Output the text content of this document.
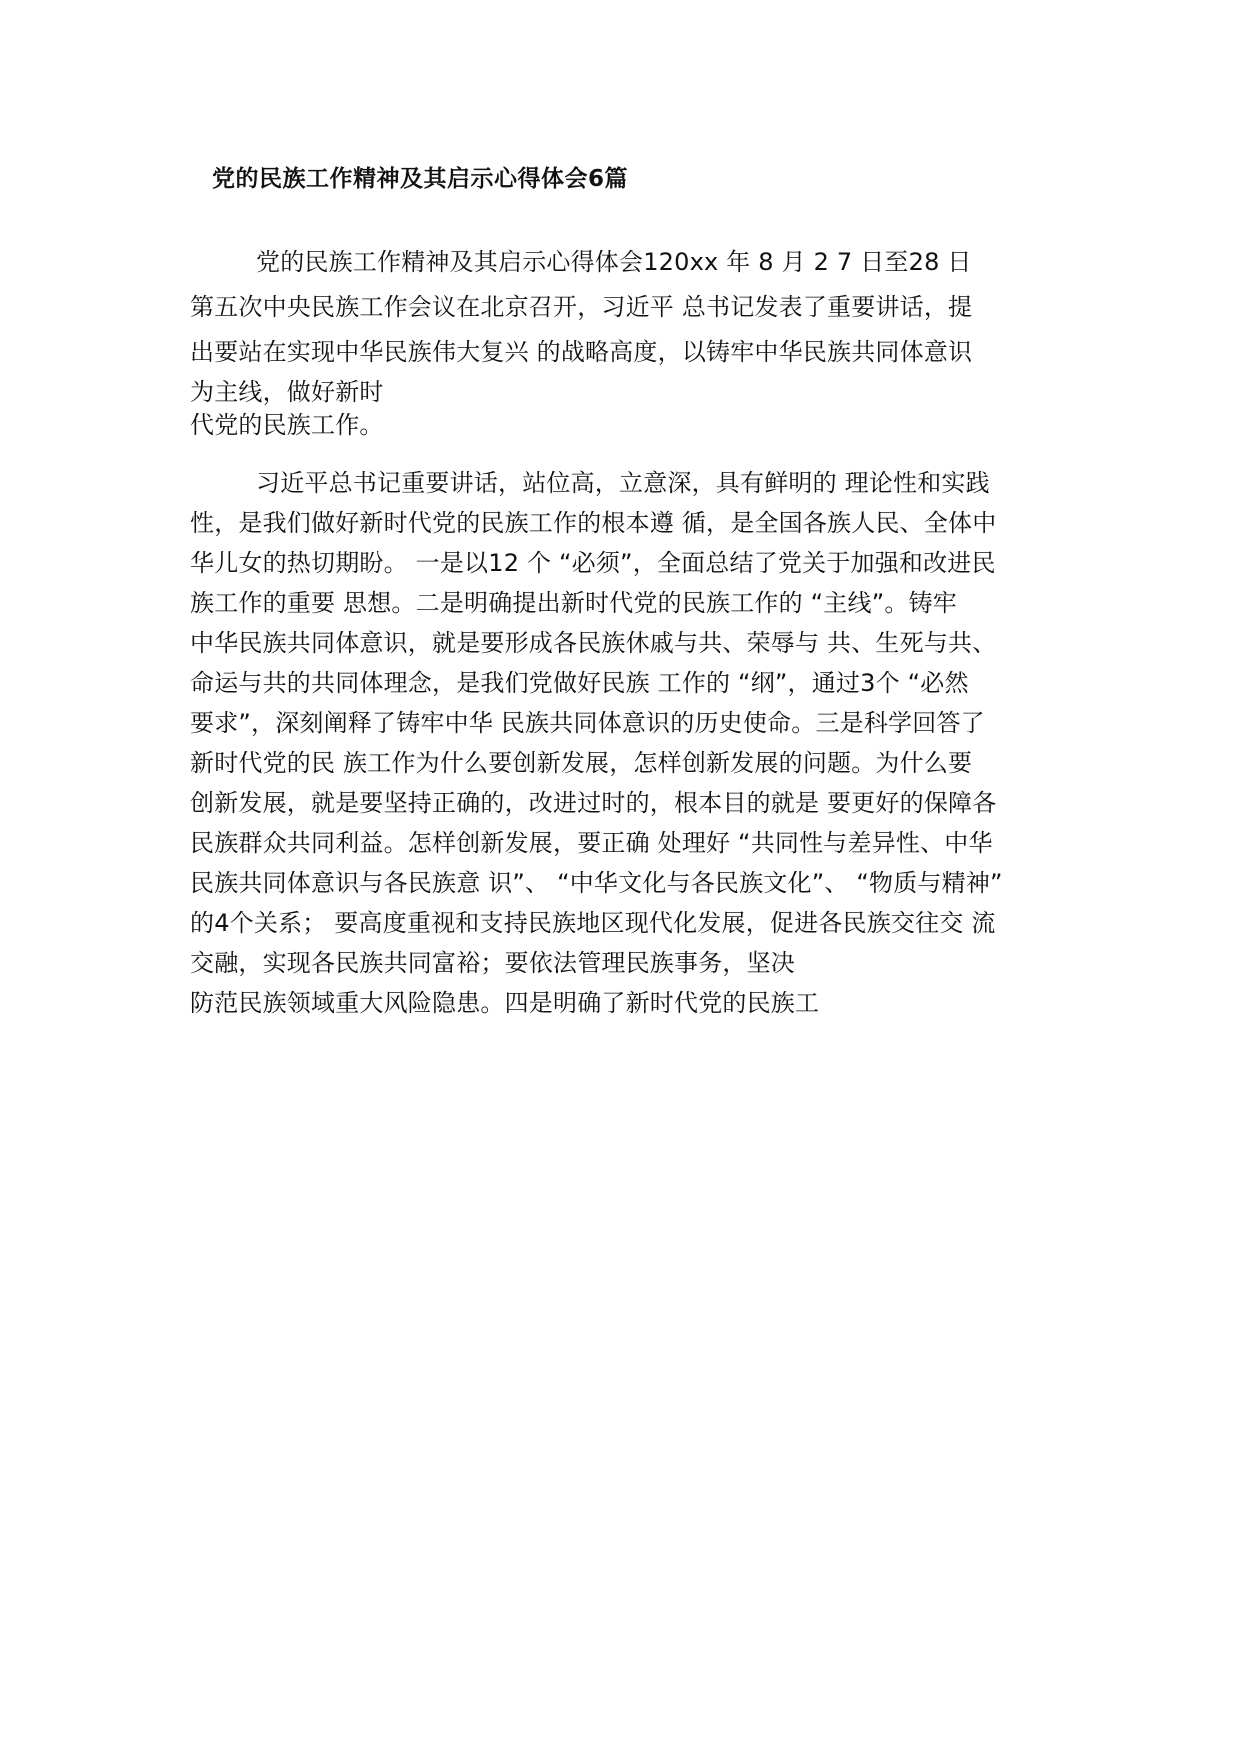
党的民族工作精神及其启示心得体会6篇

党的民族工作精神及其启示心得体会120xx 年 8 月 2 7 日至28 日

第五次中央民族工作会议在北京召开，习近平 总书记发表了重要讲话，提

出要站在实现中华民族伟大复兴 的战略高度，以铸牢中华民族共同体意识

为主线，做好新时

代党的民族工作。

习近平总书记重要讲话，站位高，立意深，具有鲜明的 理论性和实践

性，是我们做好新时代党的民族工作的根本遵 循，是全国各族人民、全体中

华儿女的热切期盼。 一是以12 个 “必须”，全面总结了党关于加强和改进民

族工作的重要 思想。二是明确提出新时代党的民族工作的 “主线”。铸牢

中华民族共同体意识，就是要形成各民族休戚与共、荣辱与 共、生死与共、

命运与共的共同体理念，是我们党做好民族 工作的 “纲”，通过3个 “必然

要求”，深刻阐释了铸牢中华 民族共同体意识的历史使命。三是科学回答了

新时代党的民 族工作为什么要创新发展，怎样创新发展的问题。为什么要

创新发展，就是要坚持正确的，改进过时的，根本目的就是 要更好的保障各

民族群众共同利益。怎样创新发展，要正确 处理好 “共同性与差异性、中华

民族共同体意识与各民族意 识”、 “中华文化与各民族文化”、 “物质与精神”

的4个关系； 要高度重视和支持民族地区现代化发展，促进各民族交往交 流

交融，实现各民族共同富裕；要依法管理民族事务，坚决

防范民族领域重大风险隐患。四是明确了新时代党的民族工
